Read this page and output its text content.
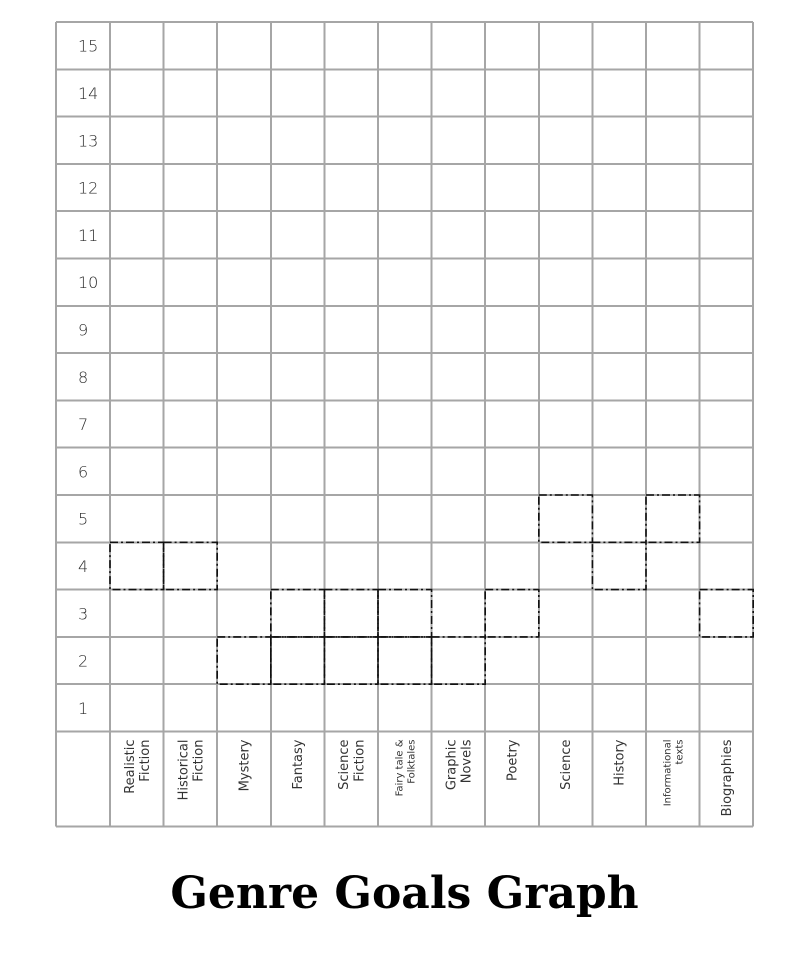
15
14
13
12
11
10
9
8
7
6
5
4
3
2
1
RealisticFiction HistoricalFiction Mystery	Fantasy ScienceFiction	Fairy tale &Folktales GraphicNovels Poetry	Science	History	Informationaltexts	Biographies
Genre Goals Graph
